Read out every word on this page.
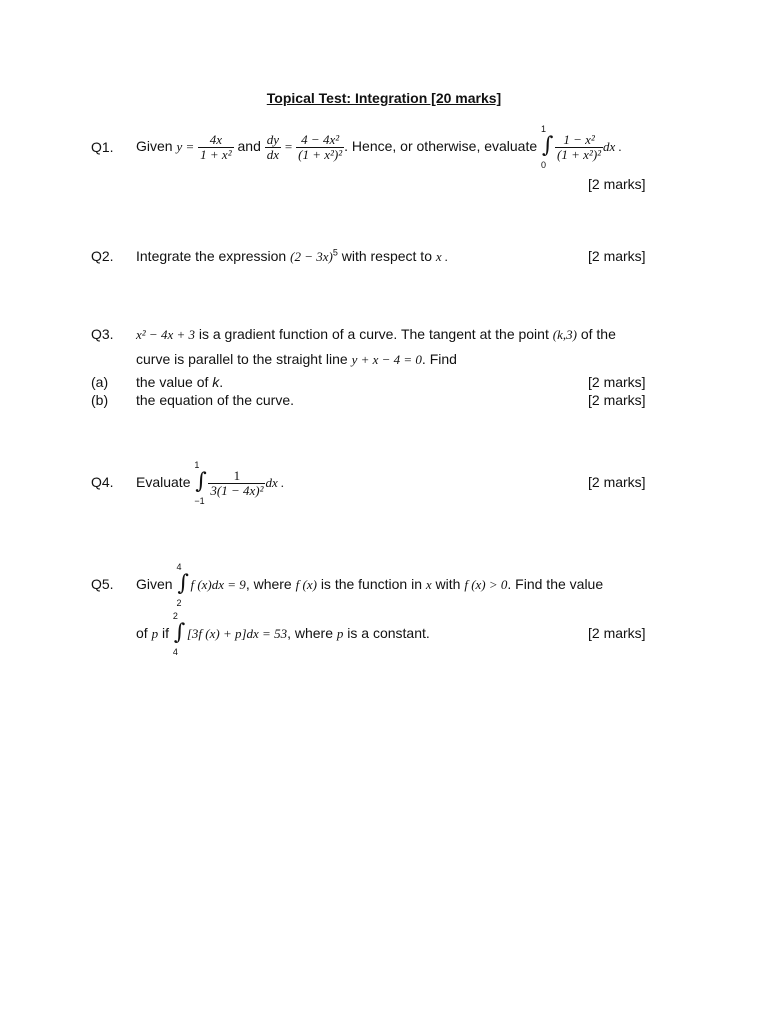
Topical Test: Integration [20 marks]
Q1. Given $y = \frac{4x}{\text{1 + x²}}$ and $\frac{dy}{dx} = \frac{\text{4 − 4x²}}{\text{(1 + x²)²}}$ . Hence, or otherwise, evaluate
1
∫
0
$\frac{\text{1 − x²}}{\text{(1 + x²)²}}$ dx .
[2 marks]
Q2. Integrate the expression $(2 - 3x)^5$ with respect to x .	[2 marks]
Q3. x² − 4x + 3 is a gradient function of a curve. The tangent at the point (k,3) of the
curve is parallel to the straight line y + x − 4 = 0. Find
(a) the value of k.	[2 marks]
(b) the equation of the curve.	[2 marks]
Q4. Evaluate
1
∫
−1
$\frac{1}{\text{3(1 − 4x)²}}$ dx .	[2 marks]
Q5. Given
4
∫
2
f (x)dx = 9, where f (x) is the function in x with f (x) > 0. Find the value
of p if
2
∫
4
[3f (x) + p]dx = 53, where p is a constant.	[2 marks]
